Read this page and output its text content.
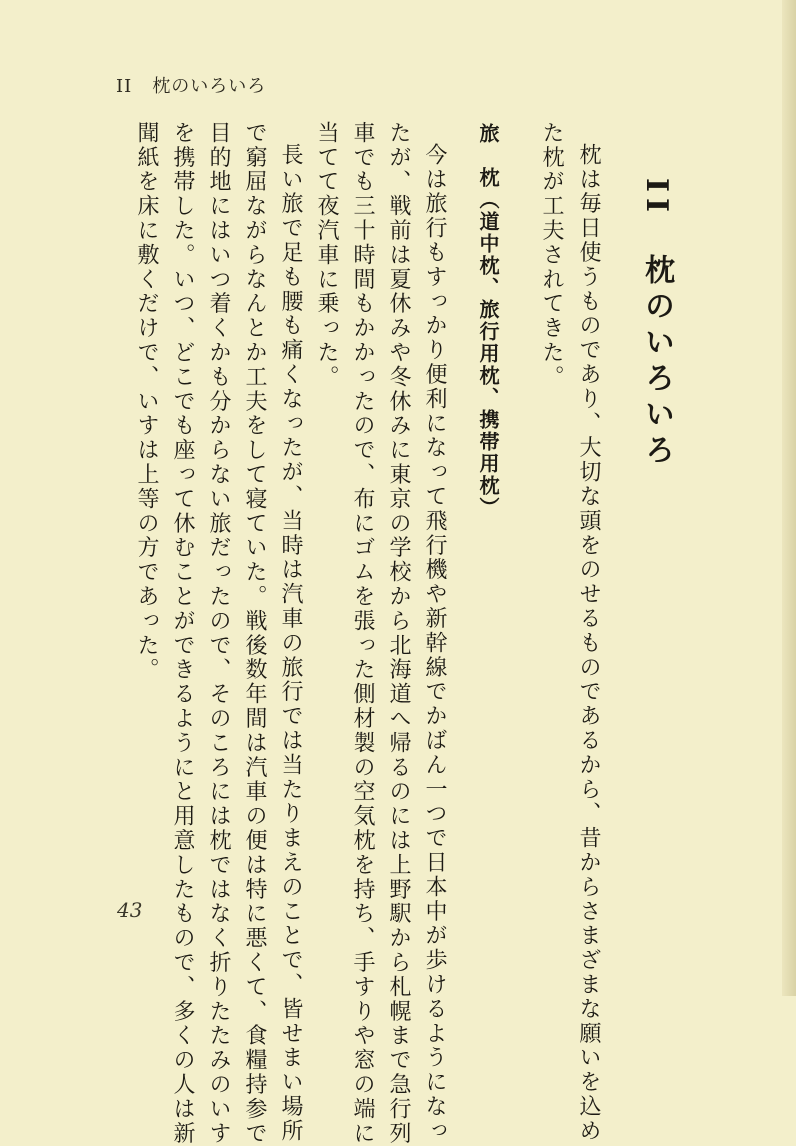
II 枕のいろいろ
II　枕のいろいろ
枕は毎日使うものであり、大切な頭をのせるものであるから、昔からさまざまな願いを込め
た枕が工夫されてきた。
旅　枕（道中枕、旅行用枕、携帯用枕）
今は旅行もすっかり便利になって飛行機や新幹線でかばん一つで日本中が歩けるようになっ
たが、戦前は夏休みや冬休みに東京の学校から北海道へ帰るのには上野駅から札幌まで急行列
車でも三十時間もかかったので、布にゴムを張った側材製の空気枕を持ち、手すりや窓の端に
当てて夜汽車に乗った。
長い旅で足も腰も痛くなったが、当時は汽車の旅行では当たりまえのことで、皆せまい場所
で窮屈ながらなんとか工夫をして寝ていた。戦後数年間は汽車の便は特に悪くて、食糧持参で
目的地にはいつ着くかも分からない旅だったので、そのころには枕ではなく折りたたみのいす
を携帯した。いつ、どこでも座って休むことができるようにと用意したもので、多くの人は新
聞紙を床に敷くだけで、いすは上等の方であった。
43
